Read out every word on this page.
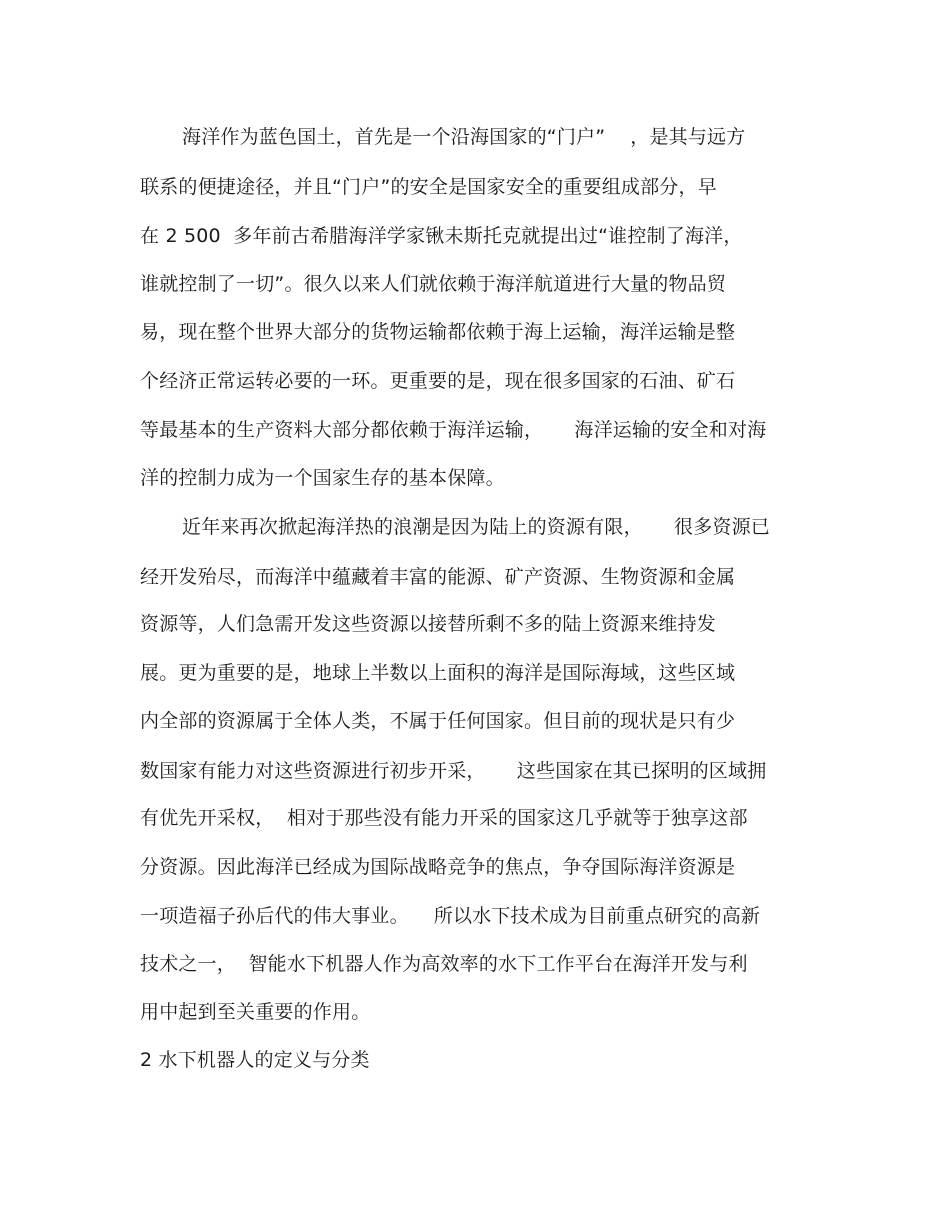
海洋作为蓝色国土，首先是一个沿海国家的“门户”    ，是其与远方
联系的便捷途径，并且“门户”的安全是国家安全的重要组成部分，早
在 2 500  多年前古希腊海洋学家锹未斯托克就提出过“谁控制了海洋，
谁就控制了一切”。很久以来人们就依赖于海洋航道进行大量的物品贸
易，现在整个世界大部分的货物运输都依赖于海上运输，海洋运输是整
个经济正常运转必要的一环。更重要的是，现在很多国家的石油、矿石
等最基本的生产资料大部分都依赖于海洋运输，     海洋运输的安全和对海
洋的控制力成为一个国家生存的基本保障。
近年来再次掀起海洋热的浪潮是因为陆上的资源有限，     很多资源已
经开发殆尽，而海洋中蕴藏着丰富的能源、矿产资源、生物资源和金属
资源等，人们急需开发这些资源以接替所剩不多的陆上资源来维持发
展。更为重要的是，地球上半数以上面积的海洋是国际海域，这些区域
内全部的资源属于全体人类，不属于任何国家。但目前的现状是只有少
数国家有能力对这些资源进行初步开采，     这些国家在其已探明的区域拥
有优先开采权，  相对于那些没有能力开采的国家这几乎就等于独享这部
分资源。因此海洋已经成为国际战略竞争的焦点，争夺国际海洋资源是
一项造福子孙后代的伟大事业。    所以水下技术成为目前重点研究的高新
技术之一，  智能水下机器人作为高效率的水下工作平台在海洋开发与利
用中起到至关重要的作用。
2 水下机器人的定义与分类
